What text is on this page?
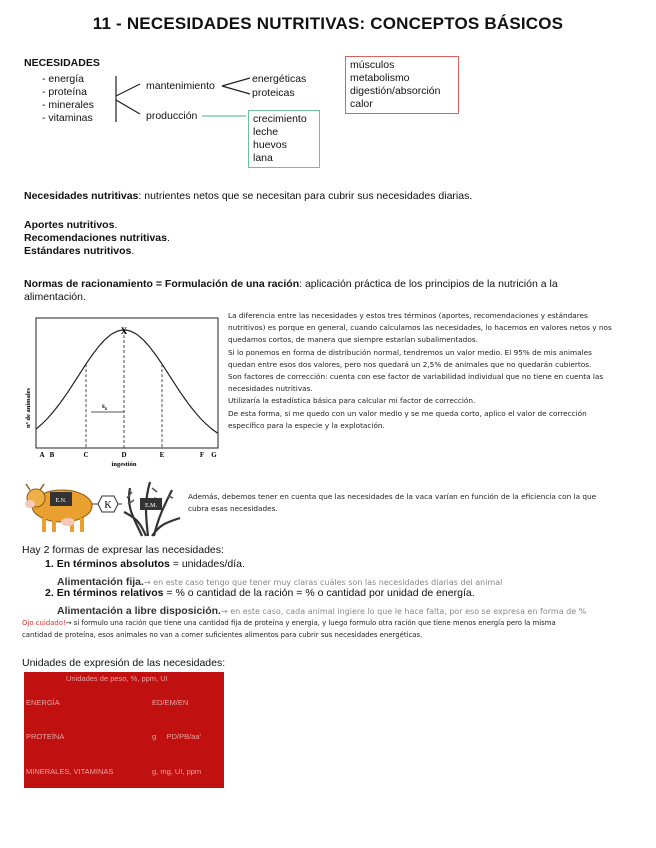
11 - NECESIDADES NUTRITIVAS: CONCEPTOS BÁSICOS
NECESIDADES
- energía
- proteína
- minerales
- vitaminas
mantenimiento
producción
energéticas
proteicas
músculos
metabolismo
digestión/absorción
calor
crecimiento
leche
huevos
lana
Necesidades nutritivas: nutrientes netos que se necesitan para cubrir sus necesidades diarias.
Aportes nutritivos.
Recomendaciones nutritivas.
Estándares nutritivos.
Normas de racionamiento = Formulación de una ración: aplicación práctica de los principios de la nutrición a la
alimentación.
nº de animales
A B	C	D	E	F G
X
$s_x$
ingestión
La diferencia entre las necesidades y estos tres términos (aportes, recomendaciones y estándares
nutritivos) es porque en general, cuando calculamos las necesidades, lo hacemos en valores netos y nos
quedamos cortos, de manera que siempre estarían subalimentados.
Si lo ponemos en forma de distribución normal, tendremos un valor medio. El 95% de mis animales
quedan entre esos dos valores, pero nos quedará un 2,5% de animales que no quedarán cubiertos.
Son factores de corrección: cuenta con ese factor de variabilidad individual que no tiene en cuenta las
necesidades nutritivas.
Utilizaría la estadística básica para calcular mi factor de corrección.
De esta forma, si me quedo con un valor medio y se me queda corto, aplico el valor de corrección
específico para la especie y la explotación.
E.N.	K	E.M.
Además, debemos tener en cuenta que las necesidades de la vaca varían en función de la eficiencia con la que
cubra esas necesidades.
Hay 2 formas de expresar las necesidades:
1. En términos absolutos = unidades/día.
Alimentación fija.→ en este caso tengo que tener muy claras cuáles son las necesidades diarias del animal
2. En términos relativos = % o cantidad de la ración = % o cantidad por unidad de energía.
Alimentación a libre disposición.→ en este caso, cada animal ingiere lo que le hace falta, por eso se expresa en forma de %
Ojo cuidado!→ si formulo una ración que tiene una cantidad fija de proteína y energía, y luego formulo otra ración que tiene menos energía pero la misma
cantidad de proteína, esos animales no van a comer suficientes alimentos para cubrir sus necesidades energéticas.
Unidades de expresión de las necesidades:
Unidades de peso, %, ppm, UI
ENERGÍA	ED/EM/EN
PROTEÍNA	g     PD/PB/aa'
MINERALES, VITAMINAS	g, mg, UI, ppm
